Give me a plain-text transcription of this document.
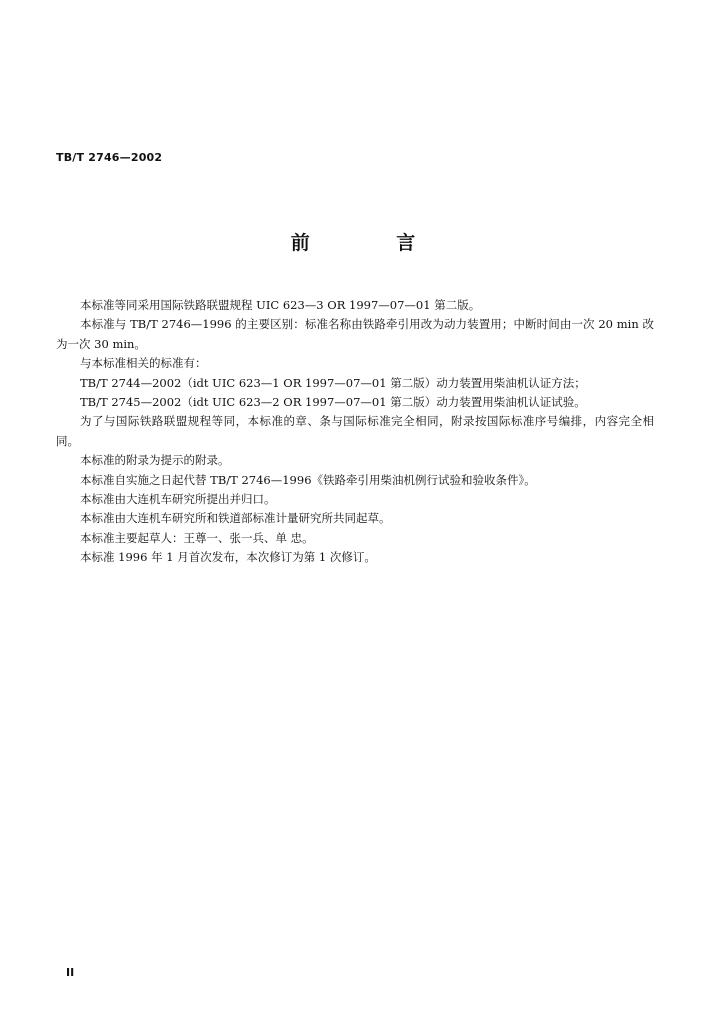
TB/T 2746—2002
前 言

本标准等同采用国际铁路联盟规程 UIC 623—3 OR 1997—07—01 第二版。

本标准与 TB/T 2746—1996 的主要区别：标准名称由铁路牵引用改为动力装置用；中断时间由一次 20 min 改为一次 30 min。

与本标准相关的标准有：

TB/T 2744—2002（idt UIC 623—1 OR 1997—07—01 第二版）动力装置用柴油机认证方法；

TB/T 2745—2002（idt UIC 623—2 OR 1997—07—01 第二版）动力装置用柴油机认证试验。

为了与国际铁路联盟规程等同，本标准的章、条与国际标准完全相同，附录按国际标准序号编排，内容完全相同。

本标准的附录为提示的附录。

本标准自实施之日起代替 TB/T 2746—1996《铁路牵引用柴油机例行试验和验收条件》。

本标准由大连机车研究所提出并归口。

本标准由大连机车研究所和铁道部标准计量研究所共同起草。

本标准主要起草人：王尊一、张一兵、单 忠。

本标准 1996 年 1 月首次发布，本次修订为第 1 次修订。

II
